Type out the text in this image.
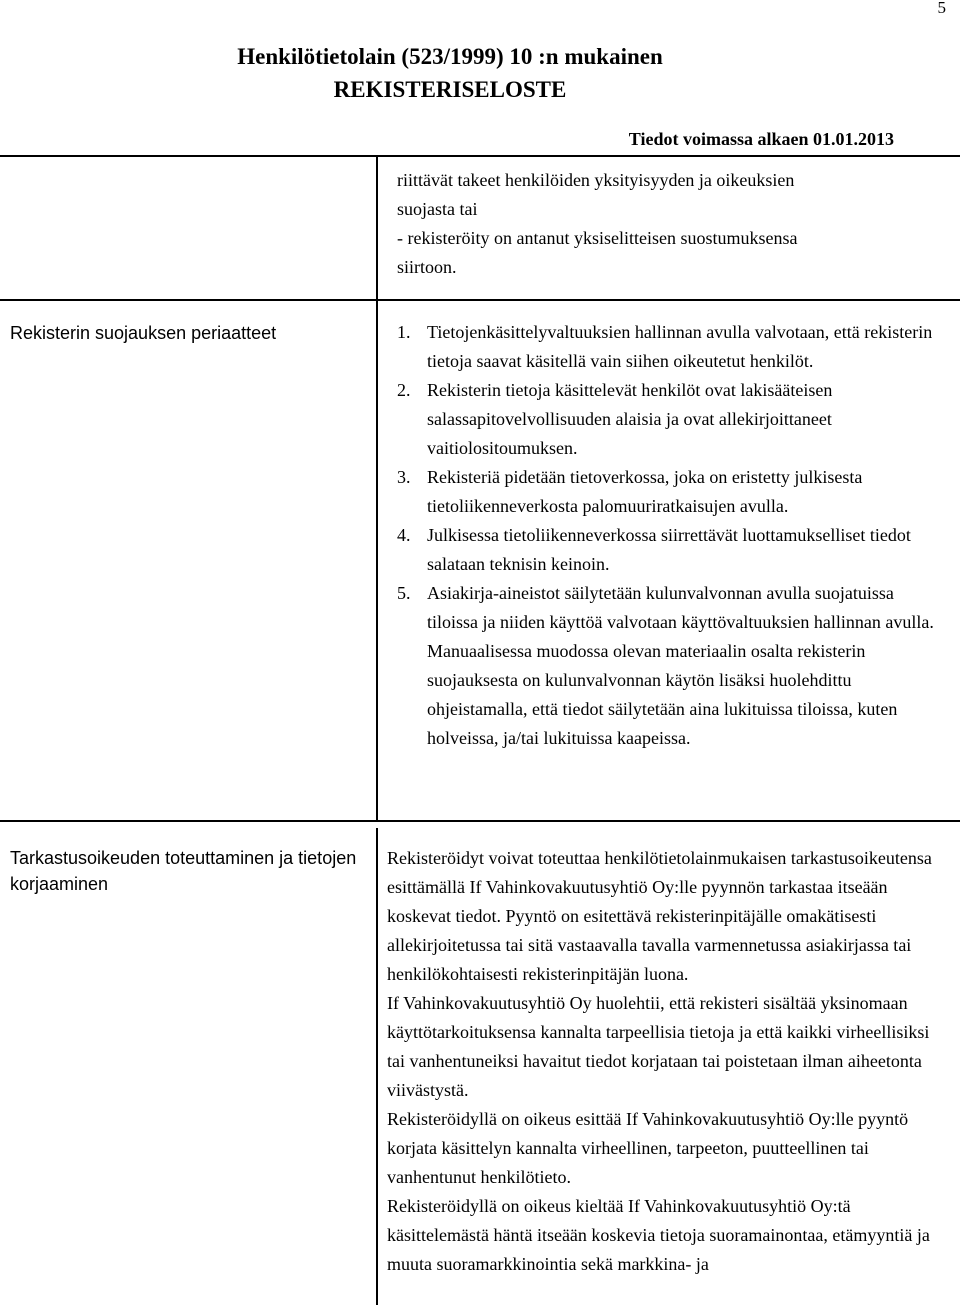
5
Henkilötietolain (523/1999) 10 :n mukainen
REKISTERISELOSTE
Tiedot voimassa alkaen 01.01.2013

riittävät takeet henkilöiden yksityisyyden ja oikeuksien

suojasta tai

- rekisteröity on antanut yksiselitteisen suostumuksensa

siirtoon.

Rekisterin suojauksen periaatteet	1. Tietojenkäsittelyvaltuuksien hallinnan avulla valvotaan, että rekisterin tietoja saavat käsitellä vain siihen oikeutetut henkilöt.
2. Rekisterin tietoja käsittelevät henkilöt ovat lakisääteisen salassapitovelvollisuuden alaisia ja ovat allekirjoittaneet vaitiolositoumuksen.
3. Rekisteriä pidetään tietoverkossa, joka on eristetty julkisesta tietoliikenneverkosta palomuuriratkaisujen avulla.
4. Julkisessa tietoliikenneverkossa siirrettävät luottamukselliset tiedot salataan teknisin keinoin.
5. Asiakirja-aineistot säilytetään kulunvalvonnan avulla suojatuissa tiloissa ja niiden käyttöä valvotaan käyttövaltuuksien hallinnan avulla. Manuaalisessa muodossa olevan materiaalin osalta rekisterin suojauksesta on kulunvalvonnan käytön lisäksi huolehdittu ohjeistamalla, että tiedot säilytetään aina lukituissa tiloissa, kuten holveissa, ja/tai lukituissa kaapeissa.
Tarkastusoikeuden toteuttaminen ja tietojen korjaaminen

Rekisteröidyt voivat toteuttaa henkilötietolainmukaisen tarkastusoikeutensa esittämällä If Vahinkovakuutusyhtiö Oy:lle pyynnön tarkastaa itseään koskevat tiedot. Pyyntö on esitettävä rekisterinpitäjälle omakätisesti allekirjoitetussa tai sitä vastaavalla tavalla varmennetussa asiakirjassa tai henkilökohtaisesti rekisterinpitäjän luona.

If Vahinkovakuutusyhtiö Oy huolehtii, että rekisteri sisältää yksinomaan käyttötarkoituksensa kannalta tarpeellisia tietoja ja että kaikki virheellisiksi tai vanhentuneiksi havaitut tiedot korjataan tai poistetaan ilman aiheetonta viivästystä.

Rekisteröidyllä on oikeus esittää If Vahinkovakuutusyhtiö Oy:lle pyyntö korjata käsittelyn kannalta virheellinen, tarpeeton, puutteellinen tai vanhentunut henkilötieto.

Rekisteröidyllä on oikeus kieltää If Vahinkovakuutusyhtiö Oy:tä käsittelemästä häntä itseään koskevia tietoja suoramainontaa, etämyyntiä ja muuta suoramarkkinointia sekä markkina- ja
